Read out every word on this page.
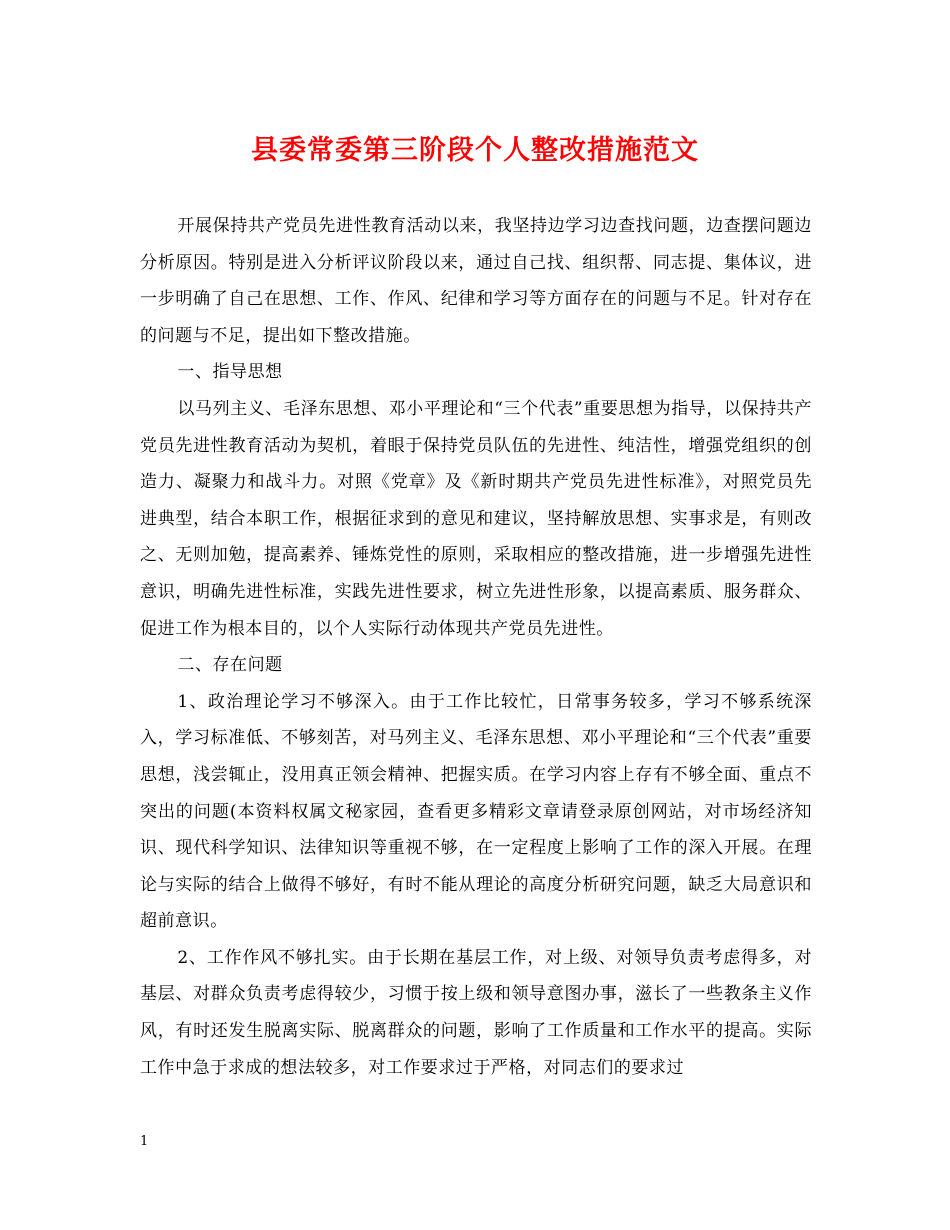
县委常委第三阶段个人整改措施范文

开展保持共产党员先进性教育活动以来，我坚持边学习边查找问题，边查摆问题边分析原因。特别是进入分析评议阶段以来，通过自己找、组织帮、同志提、集体议，进一步明确了自己在思想、工作、作风、纪律和学习等方面存在的问题与不足。针对存在的问题与不足，提出如下整改措施。

一、指导思想

以马列主义、毛泽东思想、邓小平理论和“三个代表”重要思想为指导，以保持共产党员先进性教育活动为契机，着眼于保持党员队伍的先进性、纯洁性，增强党组织的创造力、凝聚力和战斗力。对照《党章》及《新时期共产党员先进性标准》，对照党员先进典型，结合本职工作，根据征求到的意见和建议，坚持解放思想、实事求是，有则改之、无则加勉，提高素养、锤炼党性的原则，采取相应的整改措施，进一步增强先进性意识，明确先进性标准，实践先进性要求，树立先进性形象，以提高素质、服务群众、促进工作为根本目的，以个人实际行动体现共产党员先进性。

二、存在问题

1、政治理论学习不够深入。由于工作比较忙，日常事务较多，学习不够系统深入，学习标准低、不够刻苦，对马列主义、毛泽东思想、邓小平理论和“三个代表”重要思想，浅尝辄止，没用真正领会精神、把握实质。在学习内容上存有不够全面、重点不突出的问题(本资料权属文秘家园，查看更多精彩文章请登录原创网站，对市场经济知识、现代科学知识、法律知识等重视不够，在一定程度上影响了工作的深入开展。在理论与实际的结合上做得不够好，有时不能从理论的高度分析研究问题，缺乏大局意识和超前意识。

2、工作作风不够扎实。由于长期在基层工作，对上级、对领导负责考虑得多，对基层、对群众负责考虑得较少，习惯于按上级和领导意图办事，滋长了一些教条主义作风，有时还发生脱离实际、脱离群众的问题，影响了工作质量和工作水平的提高。实际工作中急于求成的想法较多，对工作要求过于严格，对同志们的要求过

1
